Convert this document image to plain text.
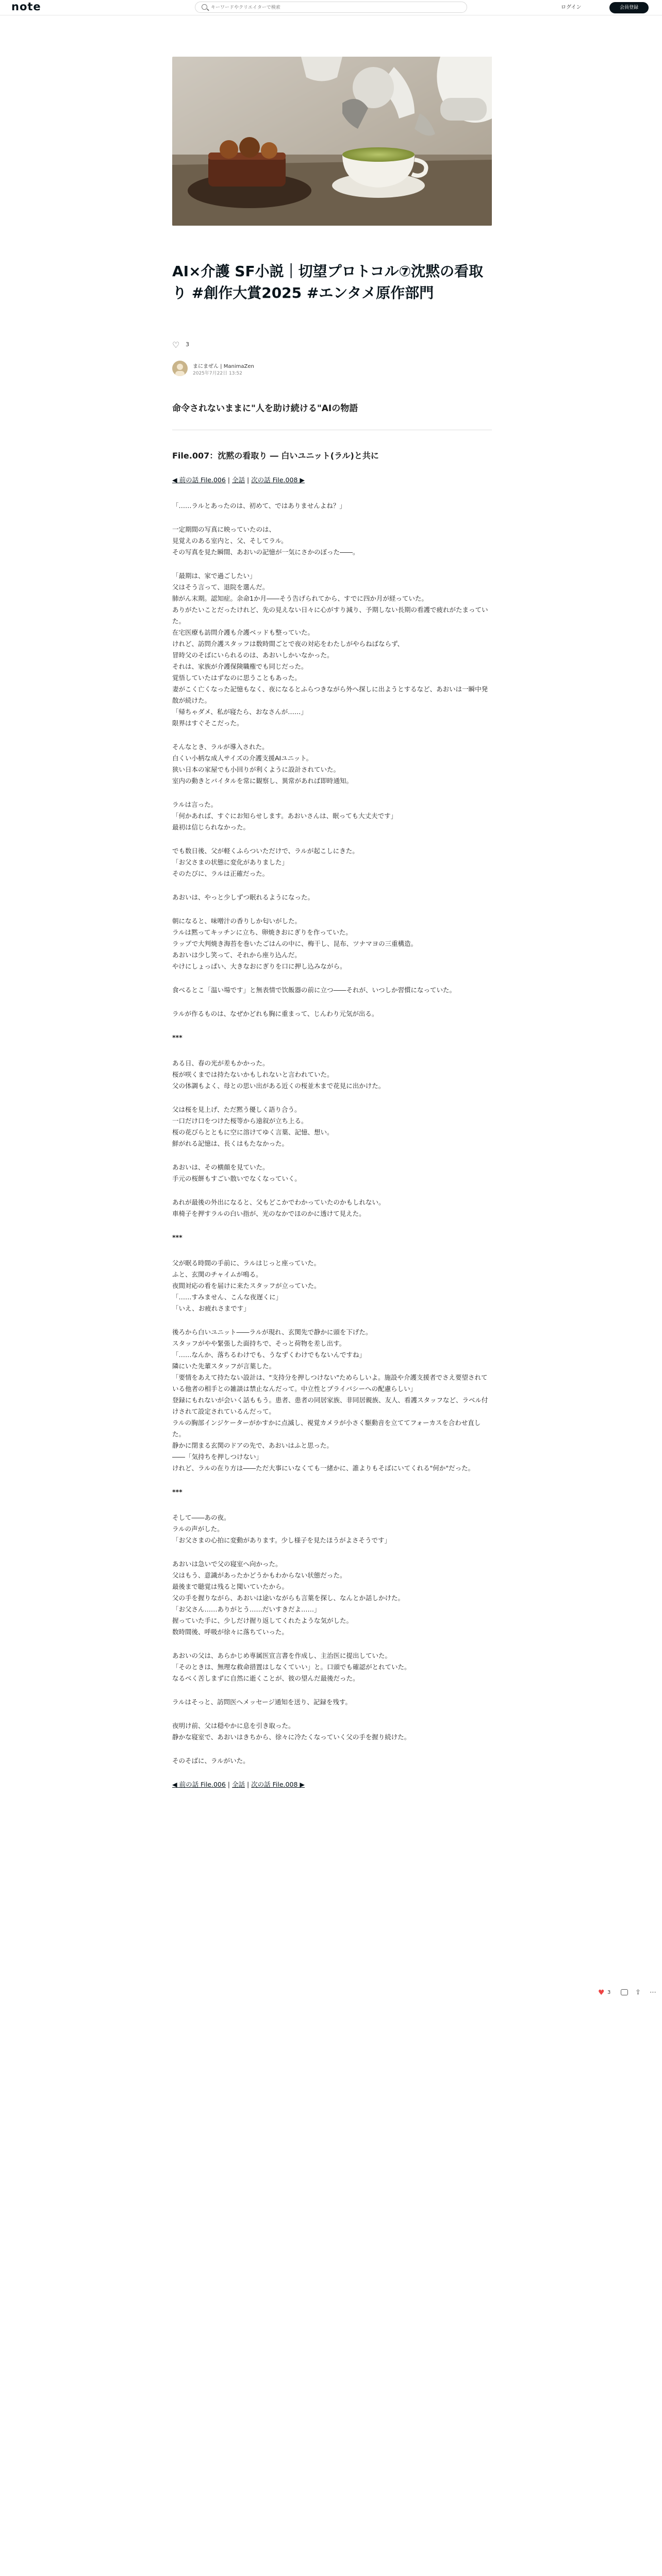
note
キーワードやクリエイターで検索	ログイン	会員登録
AI×介護 SF小説｜切望プロトコル⑦沈黙の看取り #創作大賞2025 #エンタメ原作部門
♡ 3
まにまぜん | ManimaZen
2025年7月22日 13:52
命令されないままに"人を助け続ける"AIの物語
File.007：沈黙の看取り ― 白いユニット(ラル)と共に
◀ 前の話 File.006 | 全話 | 次の話 File.008 ▶

「……ラルとあったのは、初めて、ではありませんよね？」

一定期間の写真に映っていたのは、
見覚えのある室内と、父、そしてラル。
その写真を見た瞬間、あおいの記憶が一気にさかのぼった――。

「最期は、家で過ごしたい」
父はそう言って、退院を選んだ。
肺がん末期。認知症。余命1か月――そう告げられてから、すでに四か月が経っていた。
ありがたいことだったけれど、先の見えない日々に心がすり減り、予期しない長期の看護で疲れがたまっていた。
在宅医療も訪問介護も介護ベッドも整っていた。
けれど、訪問介護スタッフは数時間ごとで夜の対応をわたしがやらねばならず、
冒時父のそばにいられるのは、あおいしかいなかった。
それは、家族が介護保険職権でも同じだった。
覚悟していたはずなのに思うこともあった。
妻がこく亡くなった記憶もなく、夜になるとふらつきながら外へ探しに出ようとするなど、あおいは一瞬中発散が続けた。
「帰ちゃダメ、私が寝たら、おなさんが……」
限界はすぐそこだった。

そんなとき、ラルが導入された。
白くい小柄な成人サイズの介護支援AIユニット。
狭い日本の家屋でも小回りが利くように設計されていた。
室内の動きとバイタルを常に観察し、異常があれば即時通知。

ラルは言った。
「何かあれば、すぐにお知らせします。あおいさんは、眠っても大丈夫です」
最初は信じられなかった。

でも数日後、父が軽くふらついただけで、ラルが起こしにきた。
「お父さまの状態に変化がありました」
そのたびに、ラルは正確だった。

あおいは、やっと少しずつ眠れるようになった。

朝になると、味噌汁の香りしか匂いがした。
ラルは黙ってキッチンに立ち、卵焼きおにぎりを作っていた。
ラップで大判焼き海苔を巻いたごはんの中に、梅干し、昆布、ツナマヨの三重構造。
あおいは少し笑って、それから座り込んだ。
やけにしょっぱい、大きなおにぎりを口に押し込みながら。

食べるとこ「温い場です」と無表情で饮飯器の前に立つ――それが、いつしか習慣になっていた。

ラルが作るものは、なぜかどれも胸に重まって、じんわり元気が出る。

***

ある日、春の光が差もかかった。
桜が咲くまでは持たないかもしれないと言われていた。
父の体調もよく、母との思い出がある近くの桜並木まで花見に出かけた。

父は桜を見上げ、ただ黙う優しく語り合う。
一口だけ口をつけた桜等から遠叙が立ち上る。
桜の花びらとともに空に溶けてゆく言葉、記憶、想い。
鮮がれる記憶は、長くはもたなかった。

あおいは、その横顔を見ていた。
手元の桜餅もすごい散いでなくなっていく。

あれが最後の外出になると、父もどこかでわかっていたのかもしれない。
車椅子を押すラルの白い指が、光のなかでほのかに透けて見えた。

***

父が眠る時間の手前に、ラルはじっと座っていた。
ふと、玄関のチャイムが鳴る。
夜間対応の看を届けに来たスタッフが立っていた。
「……すみません、こんな夜遅くに」
「いえ、お疲れさまです」

後ろから白いユニット――ラルが現れ、玄関先で静かに頭を下げた。
スタッフがやや緊張した面持ちで、そっと荷物を差し出す。
「……なんか、落ちるわけでも、うなずくわけでもないんですね」
隣にいた先輩スタッフが言葉した。
「要情をあえて持たない設計は、"支持分を押しつけない"ためらしいよ。施設や介護支援者でさえ要望されている他者の相手との雑談は禁止なんだって。中立性とプライバシーへの配慮らしい」
登録にもれないが会いく話ももう。患者、患者の同居家族、非同居親族、友人、看護スタッフなど、ラベル付けされて設定されているんだって。
ラルの胸部インジケーターがかすかに点滅し、視覚カメラが小さく駆動音を立ててフォーカスを合わせ直した。
静かに閉まる玄関のドアの先で、あおいはふと思った。
――「気持ちを押しつけない」
けれど、ラルの在り方は――ただ大事にいなくても一緒かに、誰よりもそばにいてくれる"何か"だった。

***

そして――あの夜。
ラルの声がした。
「お父さまの心拍に変動があります。少し様子を見たほうがよさそうです」

あおいは急いで父の寝室へ向かった。
父はもう、意識があったかどうかもわからない状態だった。
最後まで聴覚は残ると聞いていたから。
父の手を握りながら、あおいは途いながらも言葉を探し、なんとか話しかけた。
「お父さん……ありがとう……だいすきだよ……」
握っていた手に、少しだけ握り返してくれたような気がした。
数時間後、呼吸が徐々に落ちていった。

あおいの父は、あらかじめ専属医宣言書を作成し、主治医に提出していた。
「そのときは、無理な救命措置はしなくていい」と。口頭でも確認がとれていた。
なるべく苦しまずに自然に逝くことが、彼の望んだ最後だった。

ラルはそっと、訪問医へメッセージ通知を送り、記録を残す。

夜明け前、父は穏やかに息を引き取った。
静かな寝室で、あおいはきちから、徐々に冷たくなっていく父の手を握り続けた。

そのそばに、ラルがいた。

◀ 前の話 File.006 | 全話 | 次の話 File.008 ▶
♥ 3	⇪ ⋯
